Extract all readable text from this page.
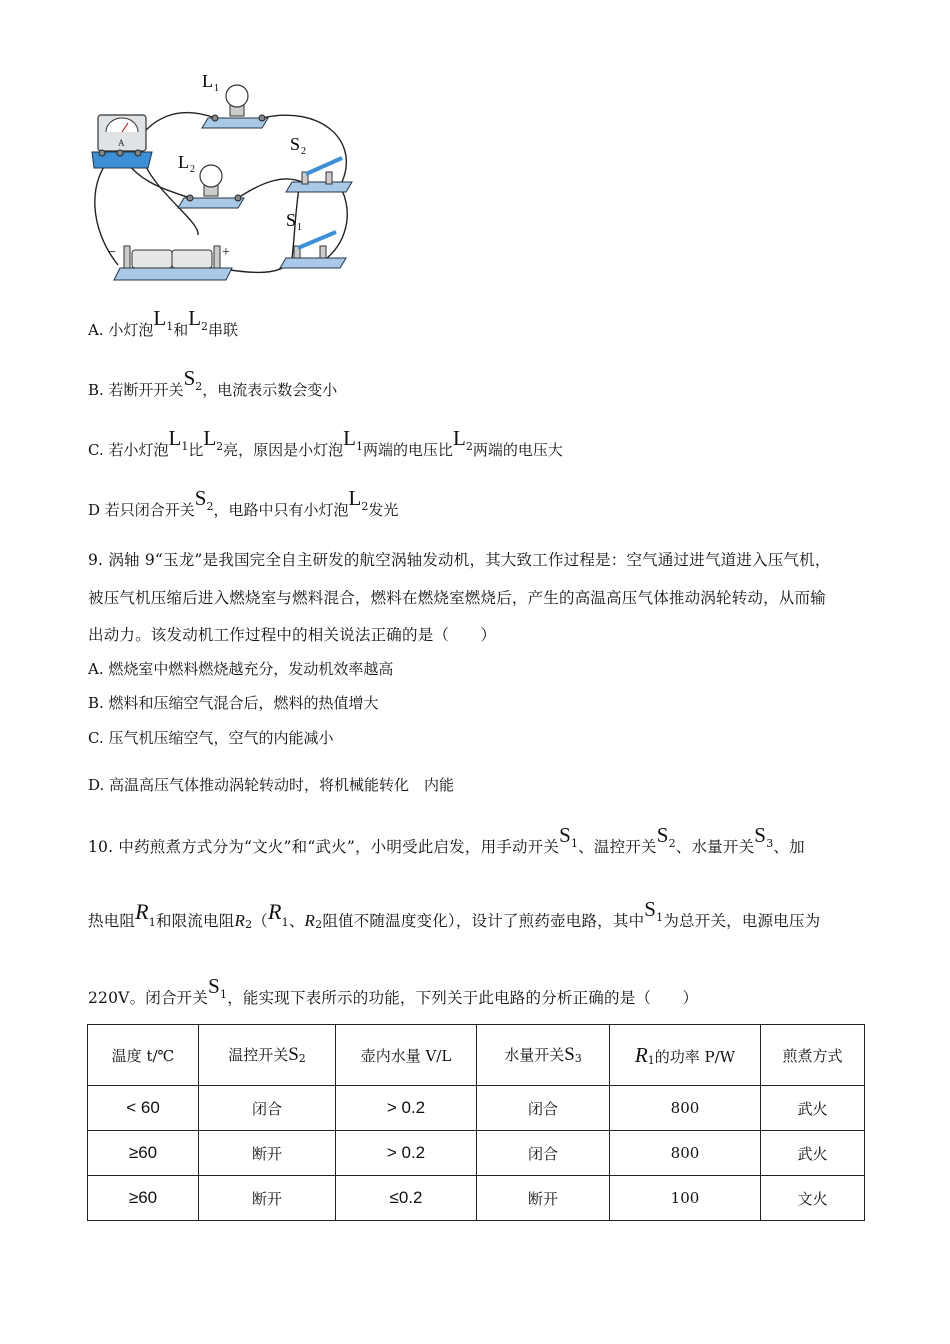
A
L 1
L 2
S 2
S 1
−	+
A. 小灯泡$L^1$和$L^2$串联
B. 若断开开关$S^2$，电流表示数会变小
C. 若小灯泡$L^1$比$L^2$亮，原因是小灯泡$L^1$两端的电压比$L^2$两端的电压大
D 若只闭合开关$S^2$，电路中只有小灯泡$L^2$发光
9. 涡轴 9“玉龙”是我国完全自主研发的航空涡轴发动机，其大致工作过程是：空气通过进气道进入压气机，
被压气机压缩后进入燃烧室与燃料混合，燃料在燃烧室燃烧后，产生的高温高压气体推动涡轮转动，从而输
出动力。该发动机工作过程中的相关说法正确的是（　　）
A. 燃烧室中燃料燃烧越充分，发动机效率越高
B. 燃料和压缩空气混合后，燃料的热值增大
C. 压气机压缩空气，空气的内能减小
D. 高温高压气体推动涡轮转动时，将机械能转化　内能
10. 中药煎煮方式分为“文火”和“武火”，小明受此启发，用手动开关$S^1$、温控开关$S^2$、水量开关$S^3$、加
热电阻R1和限流电阻R2（R1、R2阻值不随温度变化），设计了煎药壶电路，其中$S^1$为总开关，电源电压为
220V。闭合开关$S^1$，能实现下表所示的功能，下列关于此电路的分析正确的是（　　）
温度 t/℃	温控开关S2	壶内水量 V/L	水量开关S3	R1的功率 P/W	煎煮方式
< 60	闭合	> 0.2	闭合	800	武火
≥60	断开	> 0.2	闭合	800	武火
≥60	断开	≤0.2	断开	100	文火
